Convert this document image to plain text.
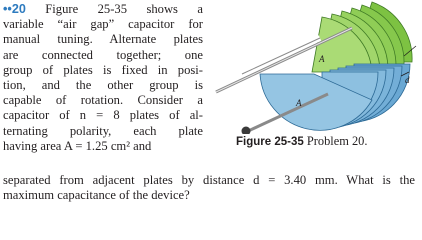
••20 Figure 25-35 shows a
variable “air gap” capacitor for
manual tuning. Alternate plates
are connected together; one
group of plates is fixed in posi-
tion, and the other group is
capable of rotation. Consider a
capacitor of n = 8 plates of al-
ternating polarity, each plate
having area A = 1.25 cm² and
separated from adjacent plates by distance d = 3.40 mm. What is the
maximum capacitance of the device?
A
A
d
Figure 25-35 Problem 20.
